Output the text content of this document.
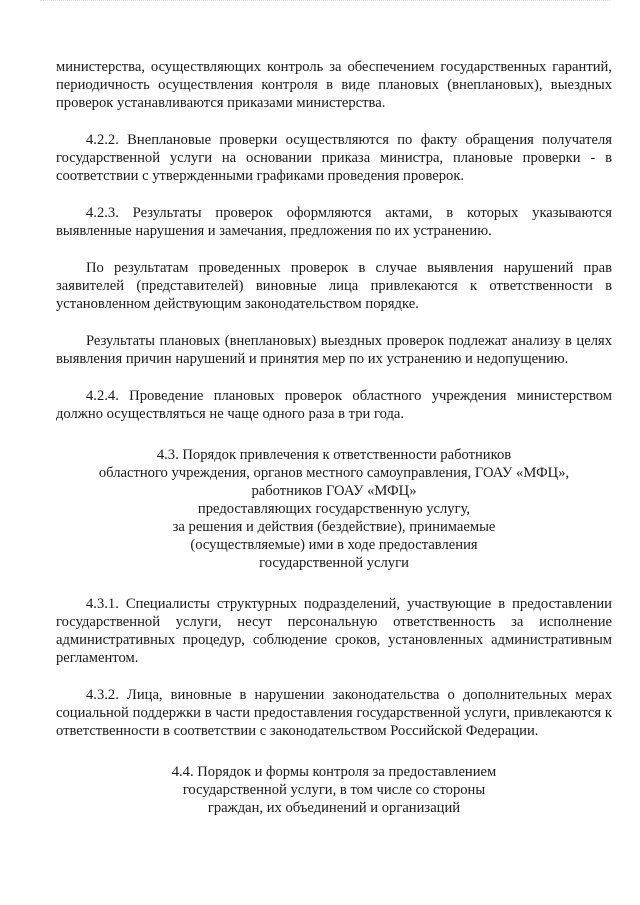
министерства, осуществляющих контроль за обеспечением государственных гарантий, периодичность осуществления контроля в виде плановых (внеплановых), выездных проверок устанавливаются приказами министерства.

4.2.2. Внеплановые проверки осуществляются по факту обращения получателя государственной услуги на основании приказа министра, плановые проверки - в соответствии с утвержденными графиками проведения проверок.

4.2.3. Результаты проверок оформляются актами, в которых указываются выявленные нарушения и замечания, предложения по их устранению.

По результатам проведенных проверок в случае выявления нарушений прав заявителей (представителей) виновные лица привлекаются к ответственности в установленном действующим законодательством порядке.

Результаты плановых (внеплановых) выездных проверок подлежат анализу в целях выявления причин нарушений и принятия мер по их устранению и недопущению.

4.2.4. Проведение плановых проверок областного учреждения министерством должно осуществляться не чаще одного раза в три года.

4.3. Порядок привлечения к ответственности работников
областного учреждения, органов местного самоуправления, ГОАУ «МФЦ»,
работников ГОАУ «МФЦ»
предоставляющих государственную услугу,
за решения и действия (бездействие), принимаемые
(осуществляемые) ими в ходе предоставления
государственной услуги

4.3.1. Специалисты структурных подразделений, участвующие в предоставлении государственной услуги, несут персональную ответственность за исполнение административных процедур, соблюдение сроков, установленных административным регламентом.

4.3.2. Лица, виновные в нарушении законодательства о дополнительных мерах социальной поддержки в части предоставления государственной услуги, привлекаются к ответственности в соответствии с законодательством Российской Федерации.

4.4. Порядок и формы контроля за предоставлением
государственной услуги, в том числе со стороны
граждан, их объединений и организаций
